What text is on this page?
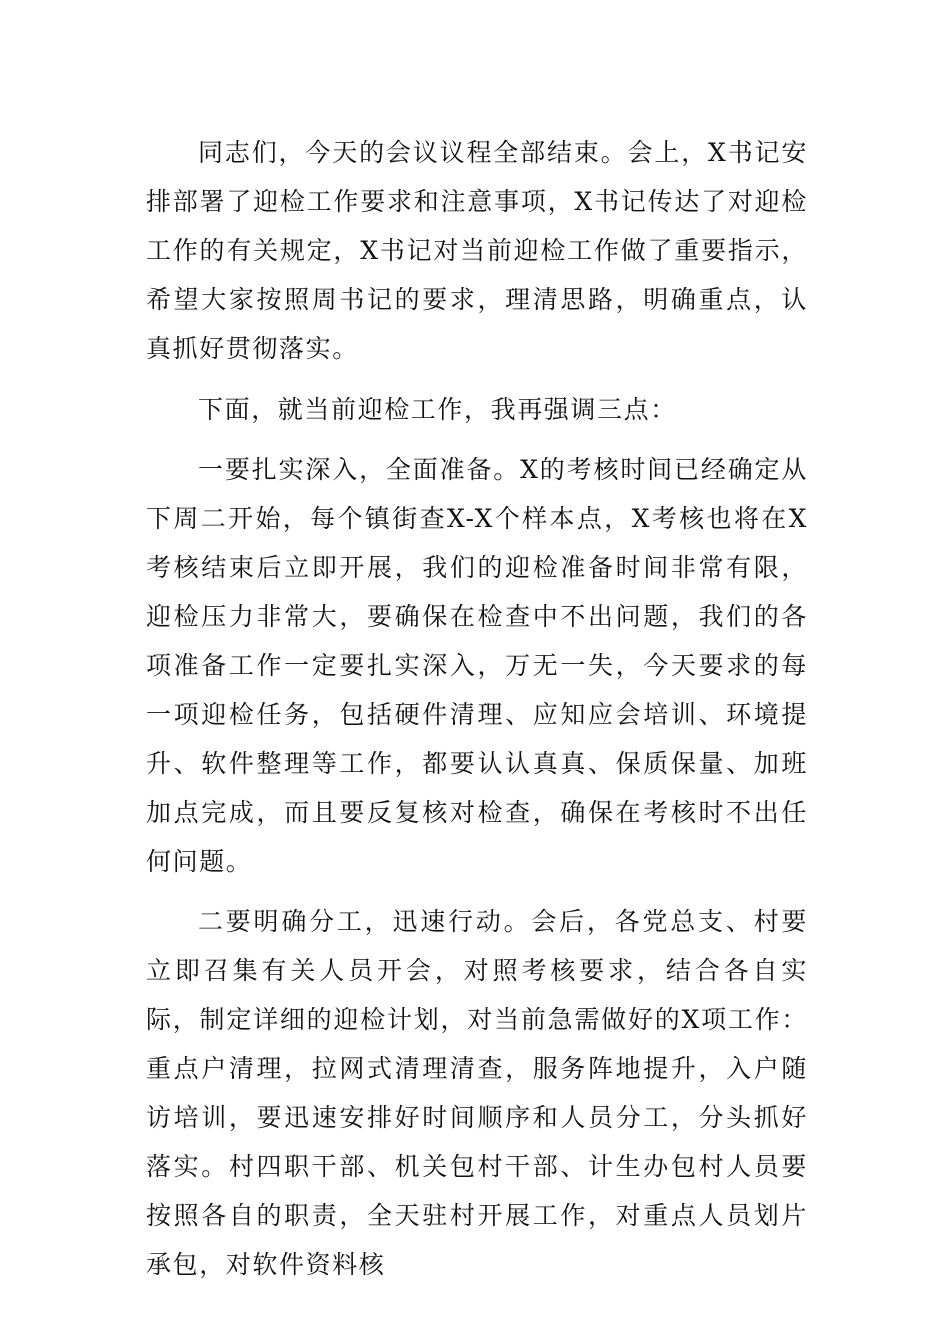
同志们，今天的会议议程全部结束。会上，X书记安排部署了迎检工作要求和注意事项，X书记传达了对迎检工作的有关规定，X书记对当前迎检工作做了重要指示，希望大家按照周书记的要求，理清思路，明确重点，认真抓好贯彻落实。

下面，就当前迎检工作，我再强调三点：

一要扎实深入，全面准备。X的考核时间已经确定从下周二开始，每个镇街查X-X个样本点，X考核也将在X考核结束后立即开展，我们的迎检准备时间非常有限，迎检压力非常大，要确保在检查中不出问题，我们的各项准备工作一定要扎实深入，万无一失，今天要求的每一项迎检任务，包括硬件清理、应知应会培训、环境提升、软件整理等工作，都要认认真真、保质保量、加班加点完成，而且要反复核对检查，确保在考核时不出任何问题。

二要明确分工，迅速行动。会后，各党总支、村要立即召集有关人员开会，对照考核要求，结合各自实际，制定详细的迎检计划，对当前急需做好的X项工作：重点户清理，拉网式清理清查，服务阵地提升，入户随访培训，要迅速安排好时间顺序和人员分工，分头抓好落实。村四职干部、机关包村干部、计生办包村人员要按照各自的职责，全天驻村开展工作，对重点人员划片承包，对软件资料核
